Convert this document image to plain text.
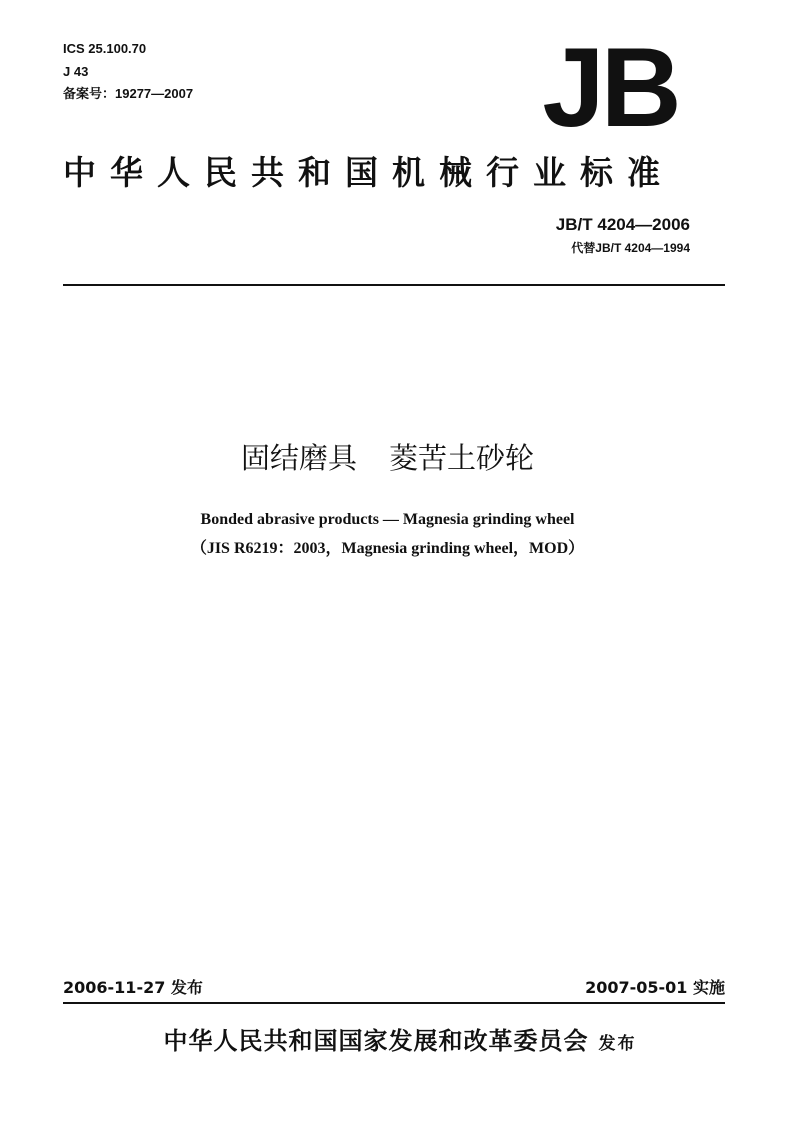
ICS 25.100.70
J 43
备案号：19277—2007	JB
中华人民共和国机械行业标准
JB/T 4204—2006
代替JB/T 4204—1994
固结磨具 菱苦土砂轮
Bonded abrasive products — Magnesia grinding wheel
（JIS R6219：2003，Magnesia grinding wheel，MOD）
2006-11-27 发布	2007-05-01 实施
中华人民共和国国家发展和改革委员会 发布
